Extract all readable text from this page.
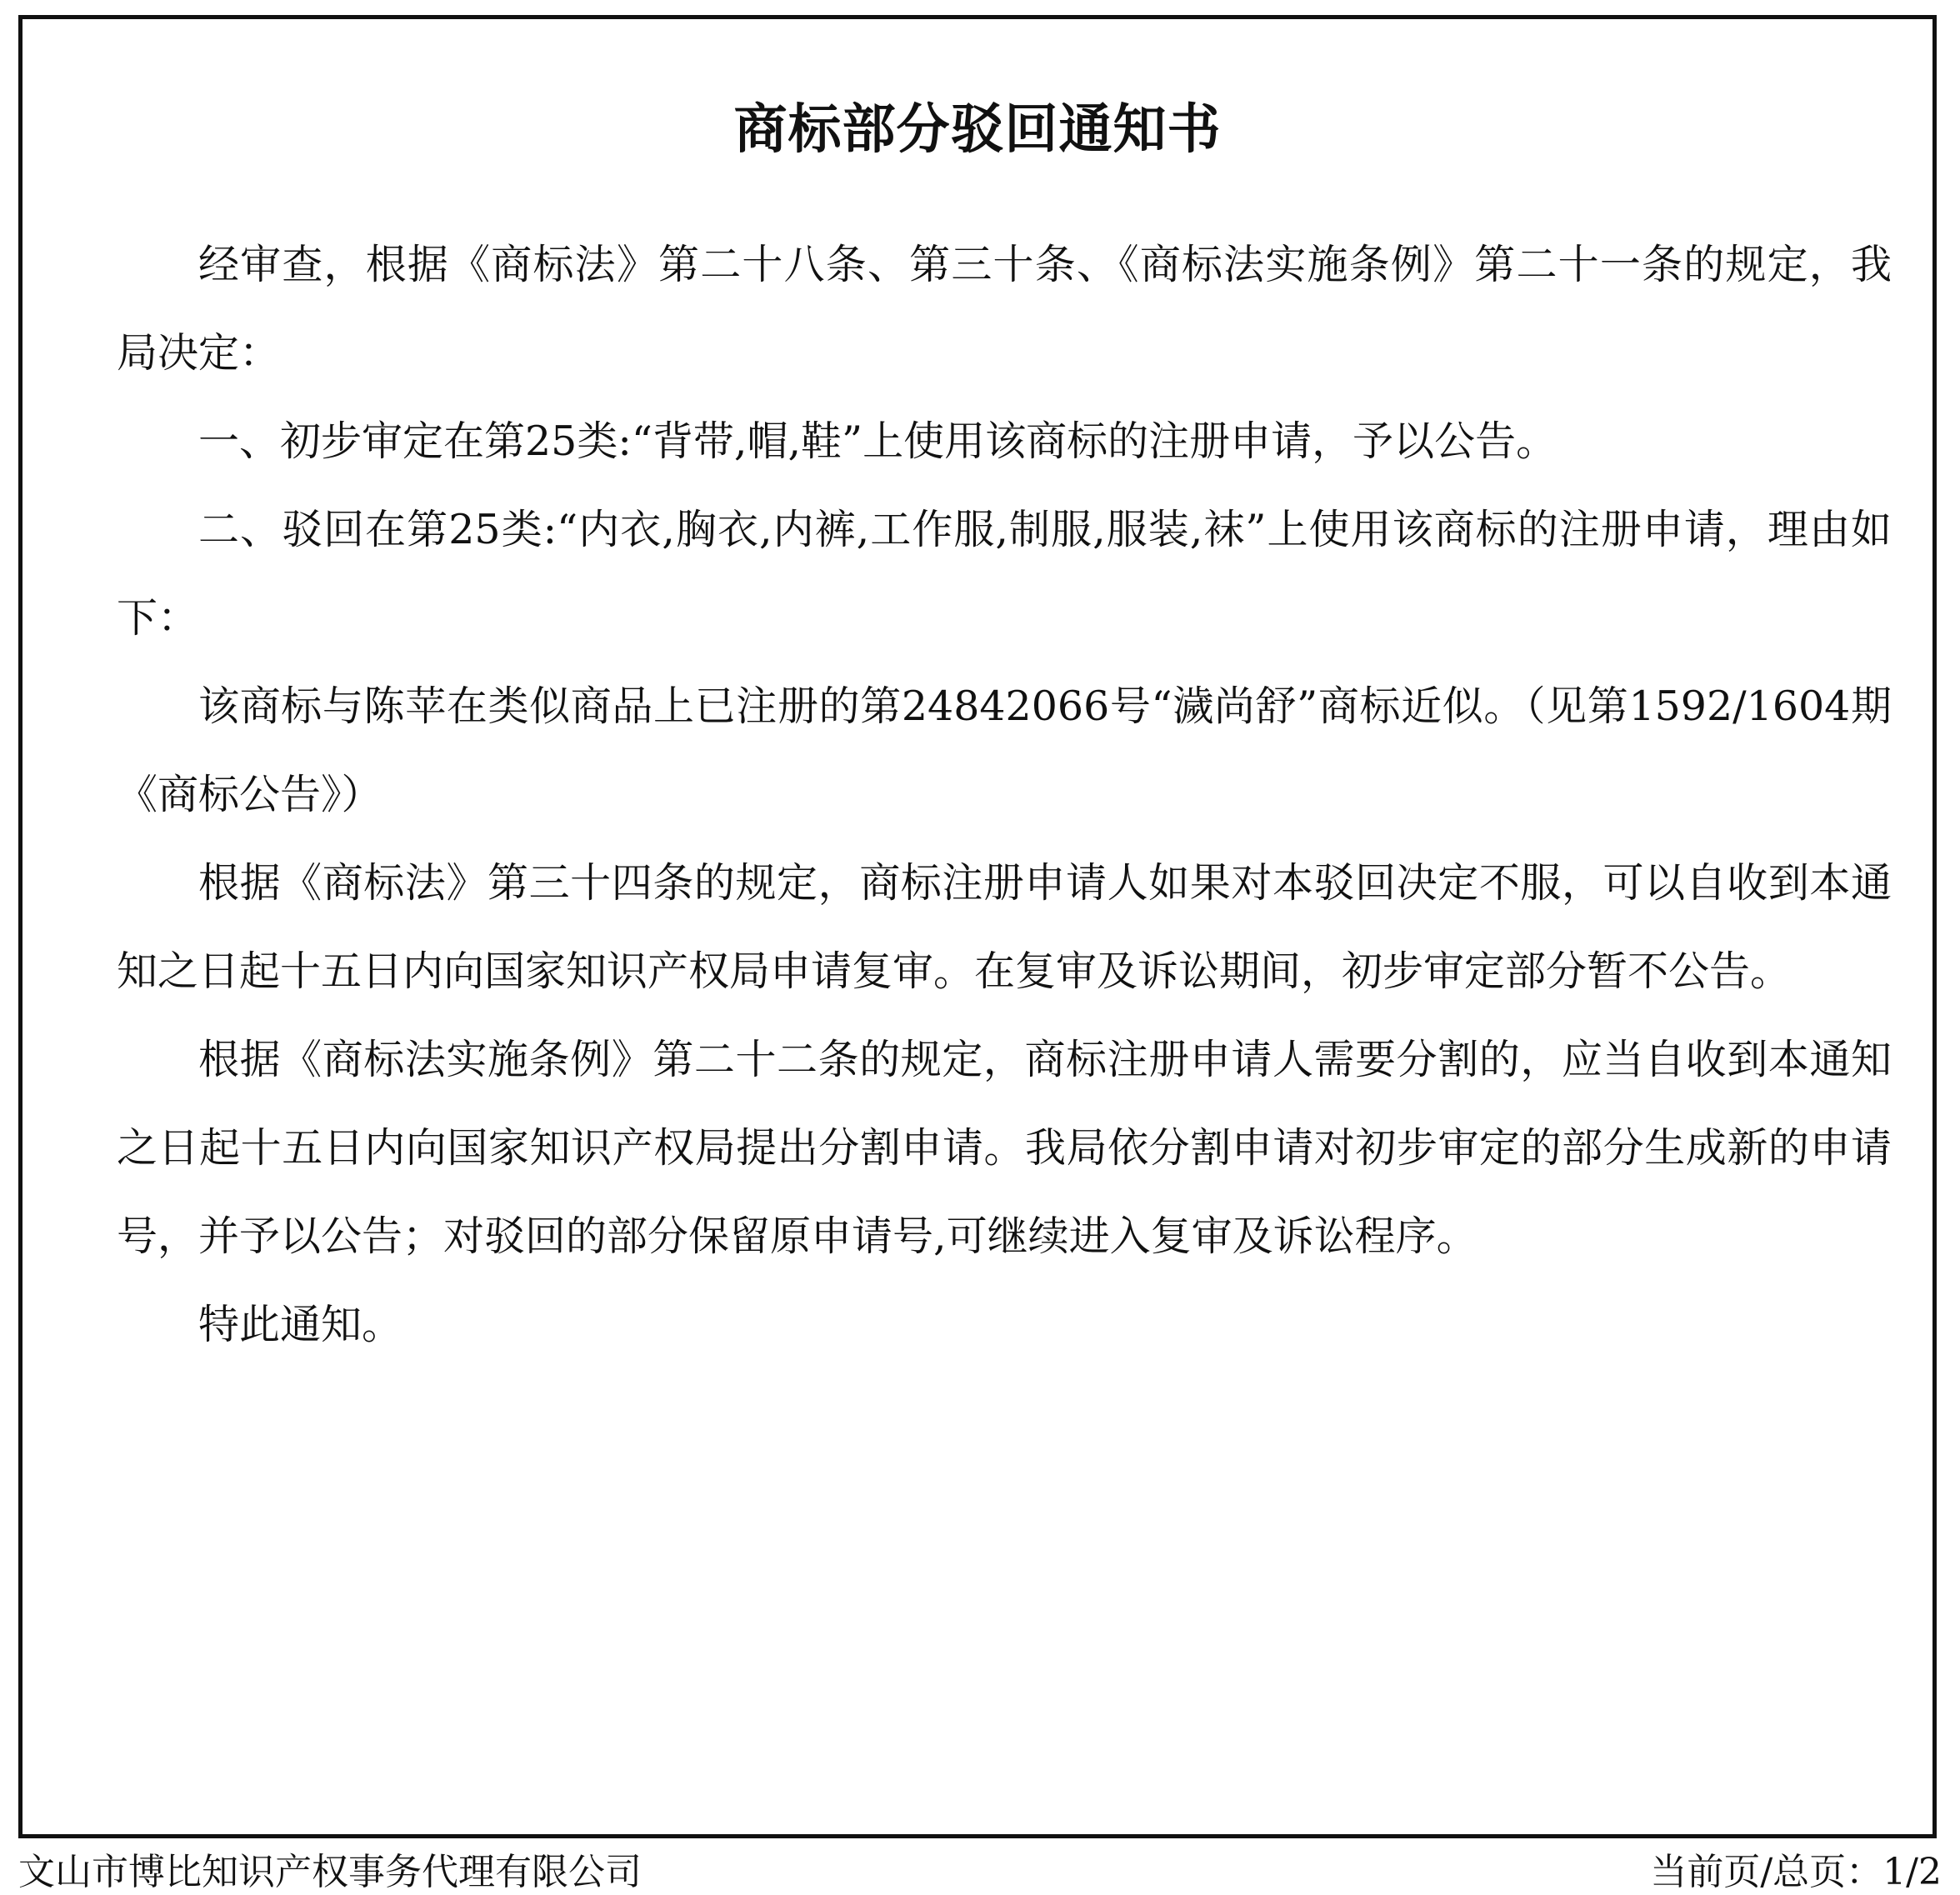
商标部分驳回通知书

经审查，根据《商标法》第二十八条、第三十条、《商标法实施条例》第二十一条的规定，我局决定：

一、初步审定在第25类:“背带,帽,鞋”上使用该商标的注册申请，予以公告。

二、驳回在第25类:“内衣,胸衣,内裤,工作服,制服,服装,袜”上使用该商标的注册申请，理由如下：

该商标与陈苹在类似商品上已注册的第24842066号“濊尚舒”商标近似。（见第1592/1604期《商标公告》）

根据《商标法》第三十四条的规定，商标注册申请人如果对本驳回决定不服，可以自收到本通知之日起十五日内向国家知识产权局申请复审。在复审及诉讼期间，初步审定部分暂不公告。

根据《商标法实施条例》第二十二条的规定，商标注册申请人需要分割的，应当自收到本通知之日起十五日内向国家知识产权局提出分割申请。我局依分割申请对初步审定的部分生成新的申请号，并予以公告；对驳回的部分保留原申请号,可继续进入复审及诉讼程序。

特此通知。

文山市博比知识产权事务代理有限公司	当前页/总页：1/2
